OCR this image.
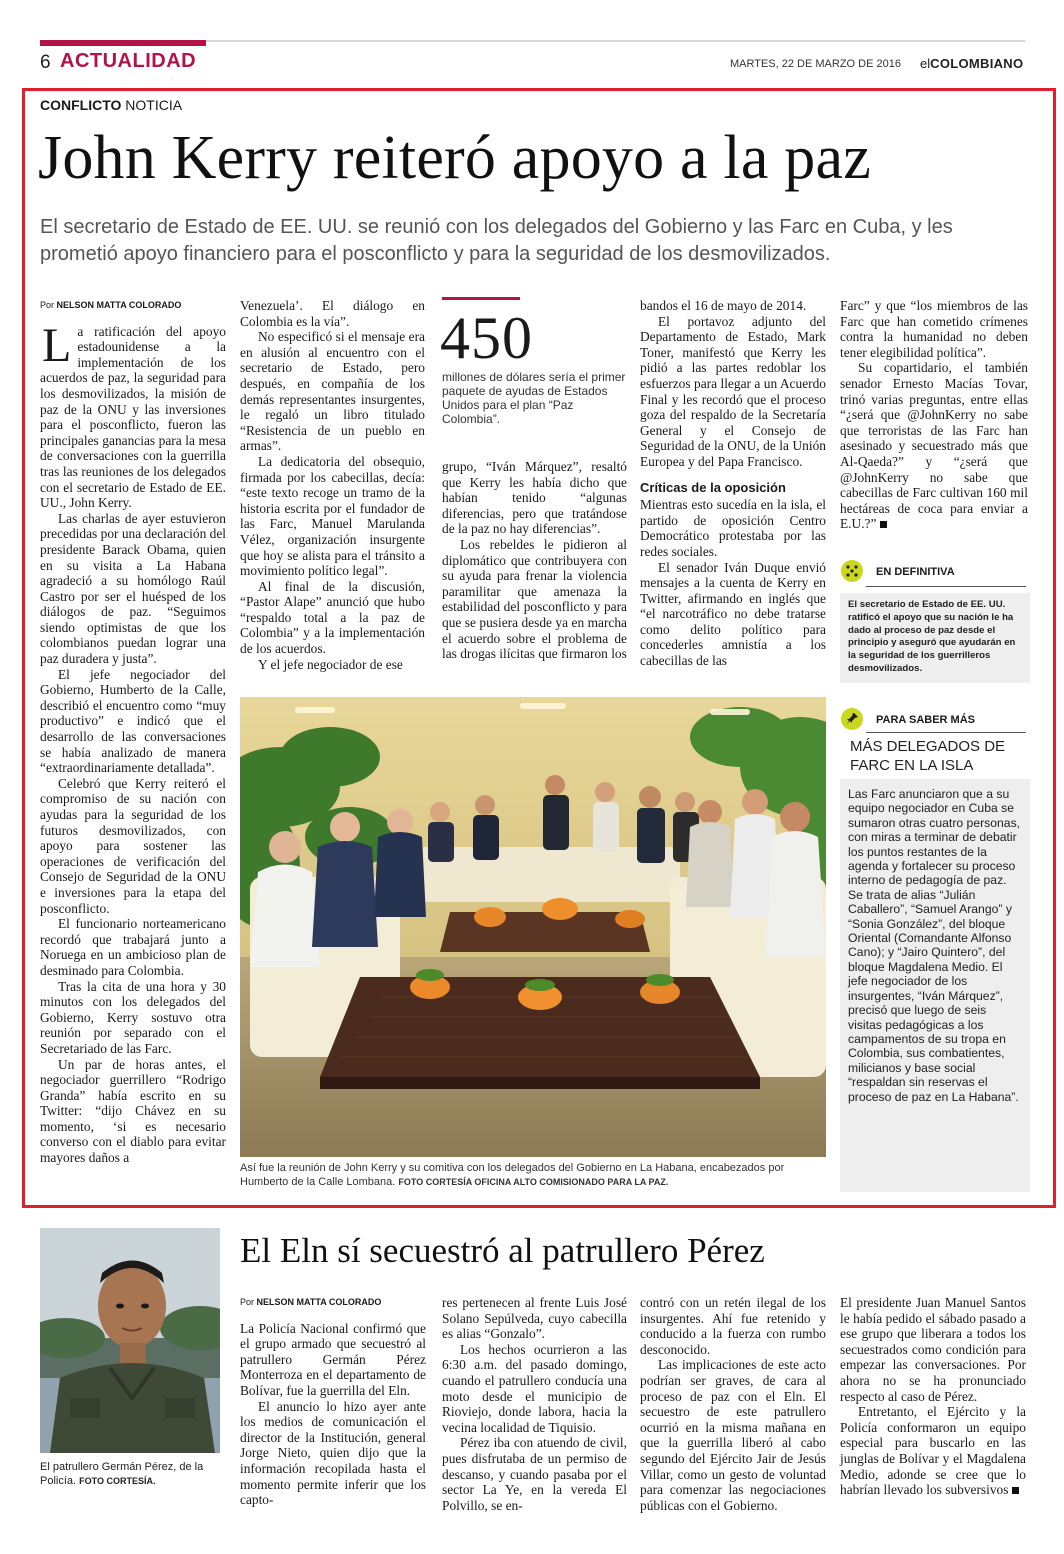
6 ACTUALIDAD	MARTES, 22 DE MARZO DE 2016 elCOLOMBIANO
CONFLICTO NOTICIA
John Kerry reiteró apoyo a la paz
El secretario de Estado de EE. UU. se reunió con los delegados del Gobierno y las Farc en Cuba, y les prometió apoyo financiero para el posconflicto y para la seguridad de los desmovilizados.
Por NELSON MATTA COLORADO

La ratificación del apoyo estadounidense a la implementación de los acuerdos de paz, la seguridad para los desmovilizados, la misión de paz de la ONU y las inversiones para el posconflicto, fueron las principales ganancias para la mesa de conversaciones con la guerrilla tras las reuniones de los delegados con el secretario de Estado de EE. UU., John Kerry.

Las charlas de ayer estuvieron precedidas por una declaración del presidente Barack Obama, quien en su visita a La Habana agradeció a su homólogo Raúl Castro por ser el huésped de los diálogos de paz. “Seguimos siendo optimistas de que los colombianos puedan lograr una paz duradera y justa”.

El jefe negociador del Gobierno, Humberto de la Calle, describió el encuentro como “muy productivo” e indicó que el desarrollo de las conversaciones se había analizado de manera “extraordinariamente detallada”.

Celebró que Kerry reiteró el compromiso de su nación con ayudas para la seguridad de los futuros desmovilizados, con apoyo para sostener las operaciones de verificación del Consejo de Seguridad de la ONU e inversiones para la etapa del posconflicto.

El funcionario norteamericano recordó que trabajará junto a Noruega en un ambicioso plan de desminado para Colombia.

Tras la cita de una hora y 30 minutos con los delegados del Gobierno, Kerry sostuvo otra reunión por separado con el Secretariado de las Farc.

Un par de horas antes, el negociador guerrillero “Rodrigo Granda” había escrito en su Twitter: “dijo Chávez en su momento, ‘si es necesario converso con el diablo para evitar mayores daños a

Venezuela’. El diálogo en Colombia es la vía”.

No especificó si el mensaje era en alusión al encuentro con el secretario de Estado, pero después, en compañía de los demás representantes insurgentes, le regaló un libro titulado “Resistencia de un pueblo en armas”.

La dedicatoria del obsequio, firmada por los cabecillas, decía: “este texto recoge un tramo de la historia escrita por el fundador de las Farc, Manuel Marulanda Vélez, organización insurgente que hoy se alista para el tránsito a movimiento político legal”.

Al final de la discusión, “Pastor Alape” anunció que hubo “respaldo total a la paz de Colombia” y a la implementación de los acuerdos.

Y el jefe negociador de ese

450
millones de dólares sería el primer paquete de ayudas de Estados Unidos para el plan “Paz Colombia”.

grupo, “Iván Márquez”, resaltó que Kerry les había dicho que habían tenido “algunas diferencias, pero que tratándose de la paz no hay diferencias”.

Los rebeldes le pidieron al diplomático que contribuyera con su ayuda para frenar la violencia paramilitar que amenaza la estabilidad del posconflicto y para que se pusiera desde ya en marcha el acuerdo sobre el problema de las drogas ilícitas que firmaron los

bandos el 16 de mayo de 2014.

El portavoz adjunto del Departamento de Estado, Mark Toner, manifestó que Kerry les pidió a las partes redoblar los esfuerzos para llegar a un Acuerdo Final y les recordó que el proceso goza del respaldo de la Secretaría General y el Consejo de Seguridad de la ONU, de la Unión Europea y del Papa Francisco.

Críticas de la oposición

Mientras esto sucedía en la isla, el partido de oposición Centro Democrático protestaba por las redes sociales.

El senador Iván Duque envió mensajes a la cuenta de Kerry en Twitter, afirmando en inglés que “el narcotráfico no debe tratarse como delito político para concederles amnistía a los cabecillas de las

Farc” y que “los miembros de las Farc que han cometido crímenes contra la humanidad no deben tener elegibilidad política”.

Su copartidario, el también senador Ernesto Macías Tovar, trinó varias preguntas, entre ellas “¿será que @JohnKerry no sabe que terroristas de las Farc han asesinado y secuestrado más que Al-Qaeda?” y “¿será que @JohnKerry no sabe que cabecillas de Farc cultivan 160 mil hectáreas de coca para enviar a E.U.?”

EN DEFINITIVA
El secretario de Estado de EE. UU. ratificó el apoyo que su nación le ha dado al proceso de paz desde el principio y aseguró que ayudarán en la seguridad de los guerrilleros desmovilizados.
PARA SABER MÁS
MÁS DELEGADOS DE FARC EN LA ISLA
Las Farc anunciaron que a su equipo negociador en Cuba se sumaron otras cuatro personas, con miras a terminar de debatir los puntos restantes de la agenda y fortalecer su proceso interno de pedagogía de paz. Se trata de alias “Julián Caballero”, “Samuel Arango” y “Sonia González”, del bloque Oriental (Comandante Alfonso Cano); y “Jairo Quintero”, del bloque Magdalena Medio. El jefe negociador de los insurgentes, “Iván Márquez”, precisó que luego de seis visitas pedagógicas a los campamentos de su tropa en Colombia, sus combatientes, milicianos y base social “respaldan sin reservas el proceso de paz en La Habana”.
Así fue la reunión de John Kerry y su comitiva con los delegados del Gobierno en La Habana, encabezados por Humberto de la Calle Lombana. FOTO CORTESÍA OFICINA ALTO COMISIONADO PARA LA PAZ.
El patrullero Germán Pérez, de la Policía. FOTO CORTESÍA.
El Eln sí secuestró al patrullero Pérez
Por NELSON MATTA COLORADO

La Policía Nacional confirmó que el grupo armado que secuestró al patrullero Germán Pérez Monterroza en el departamento de Bolívar, fue la guerrilla del Eln.

El anuncio lo hizo ayer ante los medios de comunicación el director de la Institución, general Jorge Nieto, quien dijo que la información recopilada hasta el momento permite inferir que los capto-

res pertenecen al frente Luis José Solano Sepúlveda, cuyo cabecilla es alias “Gonzalo”.

Los hechos ocurrieron a las 6:30 a.m. del pasado domingo, cuando el patrullero conducía una moto desde el municipio de Rioviejo, donde labora, hacia la vecina localidad de Tiquisio.

Pérez iba con atuendo de civil, pues disfrutaba de un permiso de descanso, y cuando pasaba por el sector La Ye, en la vereda El Polvillo, se en-

contró con un retén ilegal de los insurgentes. Ahí fue retenido y conducido a la fuerza con rumbo desconocido.

Las implicaciones de este acto podrían ser graves, de cara al proceso de paz con el Eln. El secuestro de este patrullero ocurrió en la misma mañana en que la guerrilla liberó al cabo segundo del Ejército Jair de Jesús Villar, como un gesto de voluntad para comenzar las negociaciones públicas con el Gobierno.

El presidente Juan Manuel Santos le había pedido el sábado pasado a ese grupo que liberara a todos los secuestrados como condición para empezar las conversaciones. Por ahora no se ha pronunciado respecto al caso de Pérez.

Entretanto, el Ejército y la Policía conformaron un equipo especial para buscarlo en las junglas de Bolívar y el Magdalena Medio, adonde se cree que lo habrían llevado los subversivos
